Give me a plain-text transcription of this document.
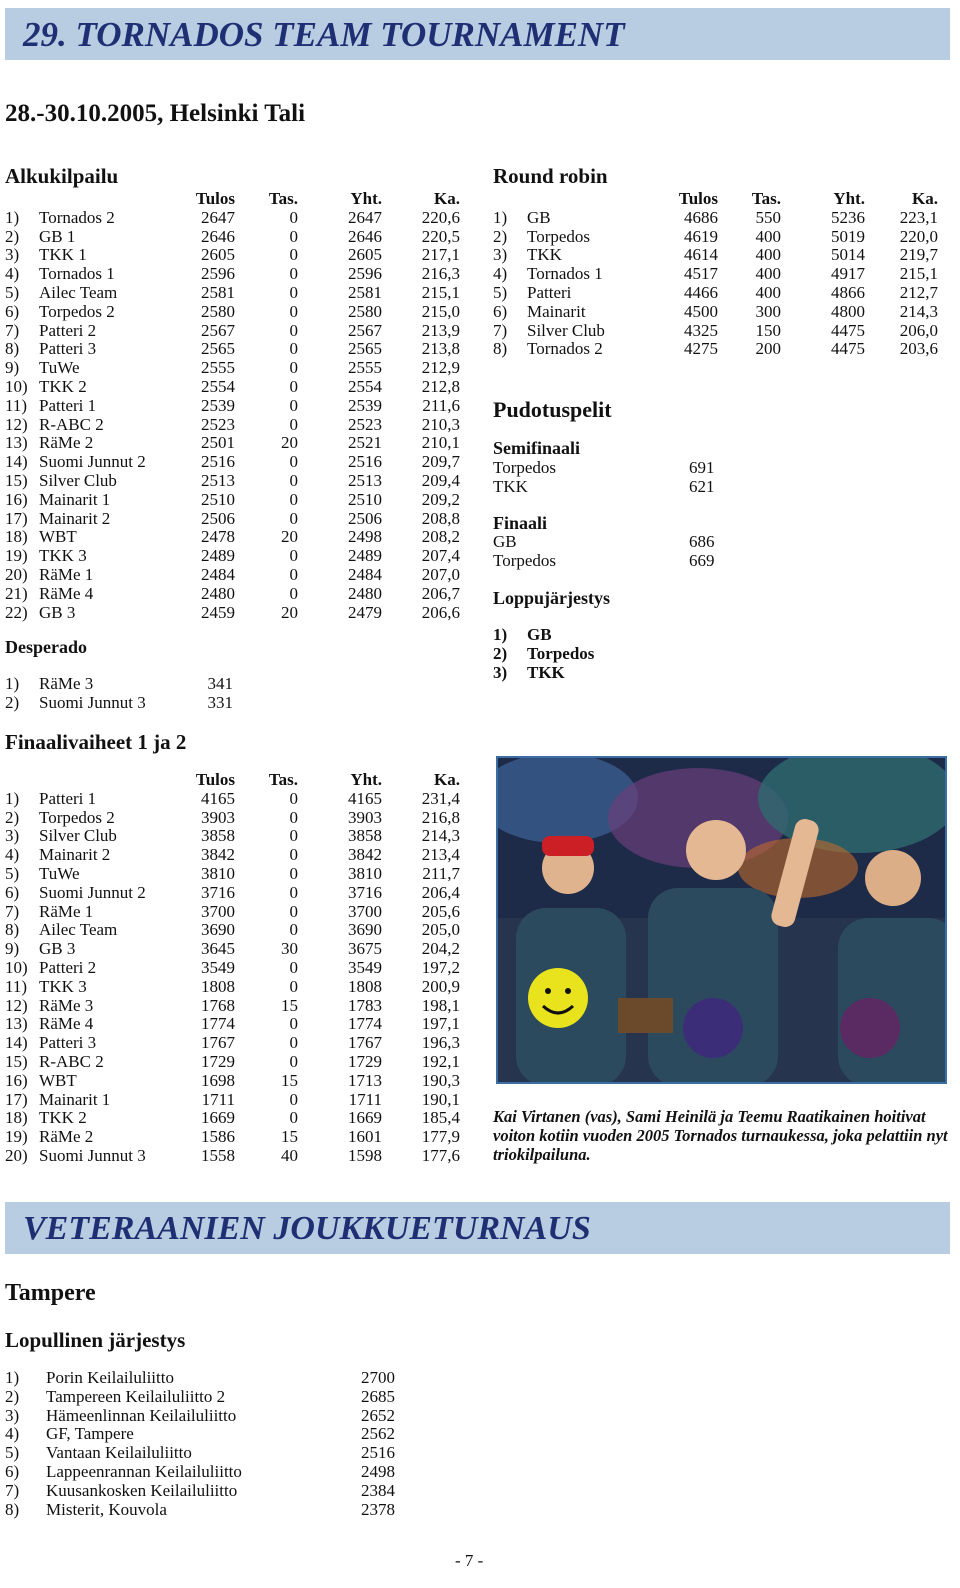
29. TORNADOS TEAM TOURNAMENT
28.-30.10.2005, Helsinki Tali
Alkukilpailu
		Tulos	Tas.	Yht.	Ka.
1)	Tornados 2	2647	0	2647	220,6
2)	GB 1	2646	0	2646	220,5
3)	TKK 1	2605	0	2605	217,1
4)	Tornados 1	2596	0	2596	216,3
5)	Ailec Team	2581	0	2581	215,1
6)	Torpedos 2	2580	0	2580	215,0
7)	Patteri 2	2567	0	2567	213,9
8)	Patteri 3	2565	0	2565	213,8
9)	TuWe	2555	0	2555	212,9
10)	TKK 2	2554	0	2554	212,8
11)	Patteri 1	2539	0	2539	211,6
12)	R-ABC 2	2523	0	2523	210,3
13)	RäMe 2	2501	20	2521	210,1
14)	Suomi Junnut 2	2516	0	2516	209,7
15)	Silver Club	2513	0	2513	209,4
16)	Mainarit 1	2510	0	2510	209,2
17)	Mainarit 2	2506	0	2506	208,8
18)	WBT	2478	20	2498	208,2
19)	TKK 3	2489	0	2489	207,4
20)	RäMe 1	2484	0	2484	207,0
21)	RäMe 4	2480	0	2480	206,7
22)	GB 3	2459	20	2479	206,6
Desperado
1) RäMe 3	341
2) Suomi Junnut 3	331
Finaalivaiheet 1 ja 2
		Tulos	Tas.	Yht.	Ka.
1)	Patteri 1	4165	0	4165	231,4
2)	Torpedos 2	3903	0	3903	216,8
3)	Silver Club	3858	0	3858	214,3
4)	Mainarit 2	3842	0	3842	213,4
5)	TuWe	3810	0	3810	211,7
6)	Suomi Junnut 2	3716	0	3716	206,4
7)	RäMe 1	3700	0	3700	205,6
8)	Ailec Team	3690	0	3690	205,0
9)	GB 3	3645	30	3675	204,2
10)	Patteri 2	3549	0	3549	197,2
11)	TKK 3	1808	0	1808	200,9
12)	RäMe 3	1768	15	1783	198,1
13)	RäMe 4	1774	0	1774	197,1
14)	Patteri 3	1767	0	1767	196,3
15)	R-ABC 2	1729	0	1729	192,1
16)	WBT	1698	15	1713	190,3
17)	Mainarit 1	1711	0	1711	190,1
18)	TKK 2	1669	0	1669	185,4
19)	RäMe 2	1586	15	1601	177,9
20)	Suomi Junnut 3	1558	40	1598	177,6
Round robin
		Tulos	Tas.	Yht.	Ka.
1)	GB	4686	550	5236	223,1
2)	Torpedos	4619	400	5019	220,0
3)	TKK	4614	400	5014	219,7
4)	Tornados 1	4517	400	4917	215,1
5)	Patteri	4466	400	4866	212,7
6)	Mainarit	4500	300	4800	214,3
7)	Silver Club	4325	150	4475	206,0
8)	Tornados 2	4275	200	4475	203,6
Pudotuspelit
Semifinaali
Torpedos	691
TKK	621
Finaali
GB	686
Torpedos	669
Loppujärjestys
1) GB
2) Torpedos
3) TKK
Kai Virtanen (vas), Sami Heinilä ja Teemu Raatikainen hoitivat voiton kotiin vuoden 2005 Tornados turnaukessa, joka pelattiin nyt triokilpailuna.
VETERAANIEN JOUKKUETURNAUS
Tampere
Lopullinen järjestys
1) Porin Keilailuliitto	2700
2) Tampereen Keilailuliitto 2	2685
3) Hämeenlinnan Keilailuliitto	2652
4) GF, Tampere	2562
5) Vantaan Keilailuliitto	2516
6) Lappeenrannan Keilailuliitto	2498
7) Kuusankosken Keilailuliitto	2384
8) Misterit, Kouvola	2378
- 7 -
